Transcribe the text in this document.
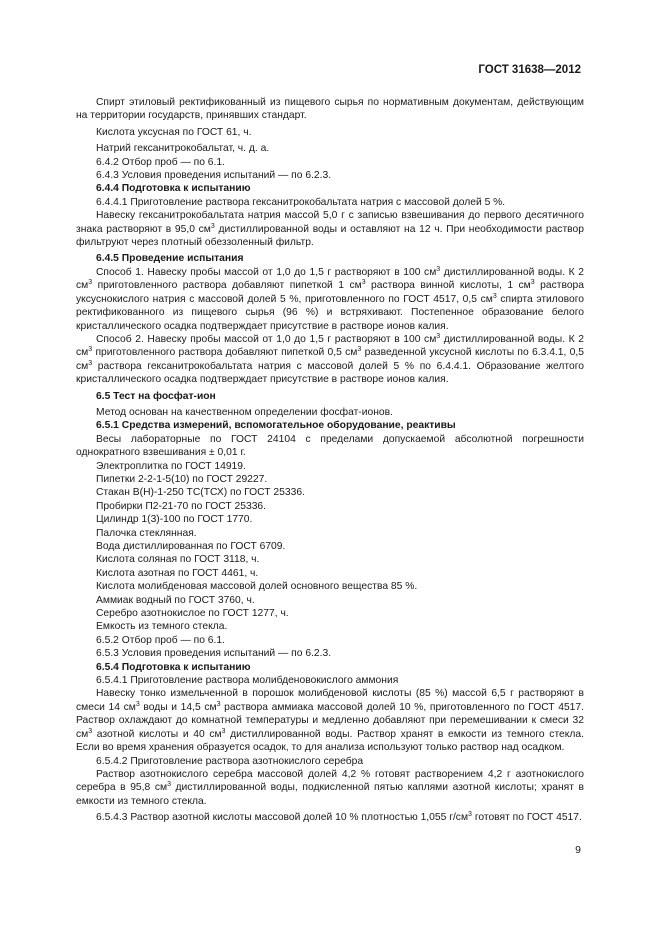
ГОСТ 31638—2012

Спирт этиловый ректификованный из пищевого сырья по нормативным документам, действующим на территории государств, принявших стандарт.

Кислота уксусная по ГОСТ 61, ч.

Натрий гексанитрокобальтат, ч. д. а.

6.4.2 Отбор проб — по 6.1.

6.4.3 Условия проведения испытаний — по 6.2.3.

6.4.4 Подготовка к испытанию

6.4.4.1 Приготовление раствора гексанитрокобальтата натрия с массовой долей 5 %.

Навеску гексанитрокобальтата натрия массой 5,0 г с записью взвешивания до первого десятичного знака растворяют в 95,0 $см^3$ дистиллированной воды и оставляют на 12 ч. При необходимости раствор фильтруют через плотный обеззоленный фильтр.

6.4.5 Проведение испытания

Способ 1. Навеску пробы массой от 1,0 до 1,5 г растворяют в 100 $см^3$ дистиллированной воды. К 2 $см^3$ приготовленного раствора добавляют пипеткой 1 $см^3$ раствора винной кислоты, 1 $см^3$ раствора уксуснокислого натрия с массовой долей 5 %, приготовленного по ГОСТ 4517, 0,5 $см^3$ спирта этилового ректификованного из пищевого сырья (96 %) и встряхивают. Постепенное образование белого кристаллического осадка подтверждает присутствие в растворе ионов калия.

Способ 2. Навеску пробы массой от 1,0 до 1,5 г растворяют в 100 $см^3$ дистиллированной воды. К 2 $см^3$ приготовленного раствора добавляют пипеткой 0,5 $см^3$ разведенной уксусной кислоты по 6.3.4.1, 0,5 $см^3$ раствора гексанитрокобальтата натрия с массовой долей 5 % по 6.4.4.1. Образование желтого кристаллического осадка подтверждает присутствие в растворе ионов калия.

6.5 Тест на фосфат-ион

Метод основан на качественном определении фосфат-ионов.

6.5.1 Средства измерений, вспомогательное оборудование, реактивы

Весы лабораторные по ГОСТ 24104 с пределами допускаемой абсолютной погрешности однократного взвешивания ± 0,01 г.

Электроплитка по ГОСТ 14919.

Пипетки 2-2-1-5(10) по ГОСТ 29227.

Стакан В(Н)-1-250 ТС(ТСХ) по ГОСТ 25336.

Пробирки П2-21-70 по ГОСТ 25336.

Цилиндр 1(3)-100 по ГОСТ 1770.

Палочка стеклянная.

Вода дистиллированная по ГОСТ 6709.

Кислота соляная по ГОСТ 3118, ч.

Кислота азотная по ГОСТ 4461, ч.

Кислота молибденовая массовой долей основного вещества 85 %.

Аммиак водный по ГОСТ 3760, ч.

Серебро азотнокислое по ГОСТ 1277, ч.

Емкость из темного стекла.

6.5.2 Отбор проб — по 6.1.

6.5.3 Условия проведения испытаний — по 6.2.3.

6.5.4 Подготовка к испытанию

6.5.4.1 Приготовление раствора молибденовокислого аммония

Навеску тонко измельченной в порошок молибденовой кислоты (85 %) массой 6,5 г растворяют в смеси 14 $см^3$ воды и 14,5 $см^3$ раствора аммиака массовой долей 10 %, приготовленного по ГОСТ 4517. Раствор охлаждают до комнатной температуры и медленно добавляют при перемешивании к смеси 32 $см^3$ азотной кислоты и 40 $см^3$ дистиллированной воды. Раствор хранят в емкости из темного стекла. Если во время хранения образуется осадок, то для анализа используют только раствор над осадком.

6.5.4.2 Приготовление раствора азотнокислого серебра

Раствор азотнокислого серебра массовой долей 4,2 % готовят растворением 4,2 г азотнокислого серебра в 95,8 $см^3$ дистиллированной воды, подкисленной пятью каплями азотной кислоты; хранят в емкости из темного стекла.

6.5.4.3 Раствор азотной кислоты массовой долей 10 % плотностью 1,055 $г/см^3$ готовят по ГОСТ 4517.

9
